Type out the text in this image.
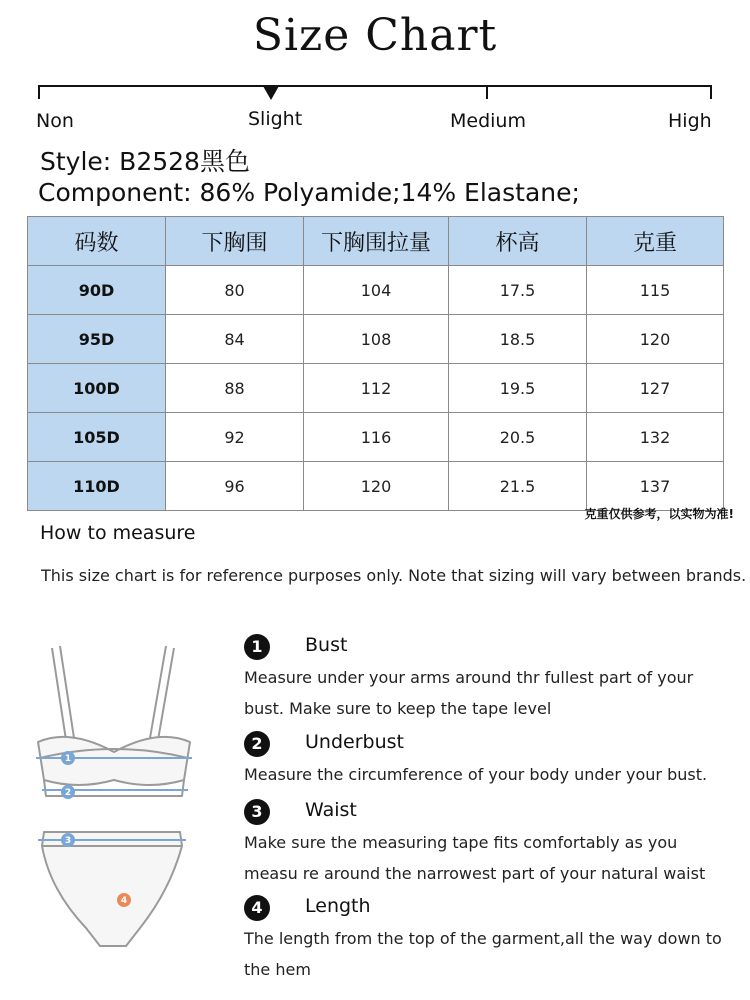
Size Chart
Non	Slight	Medium	High
Style: B2528黑色
Component: 86% Polyamide;14% Elastane;
码数	下胸围	下胸围拉量	杯高	克重
90D	80	104	17.5	115
95D	84	108	18.5	120
100D	88	112	19.5	127
105D	92	116	20.5	132
110D	96	120	21.5	137
克重仅供参考，以实物为准!
How to measure
This size chart is for reference purposes only. Note that sizing will vary between brands.
1
2
3
4
1	Bust
Measure under your arms around thr fullest part of your bust. Make sure to keep the tape level
2	Underbust
Measure the circumference of your body under your bust.
3	Waist
Make sure the measuring tape fits comfortably as you measu re around the narrowest part of your natural waist
4	Length
The length from the top of the garment,all the way down to the hem
